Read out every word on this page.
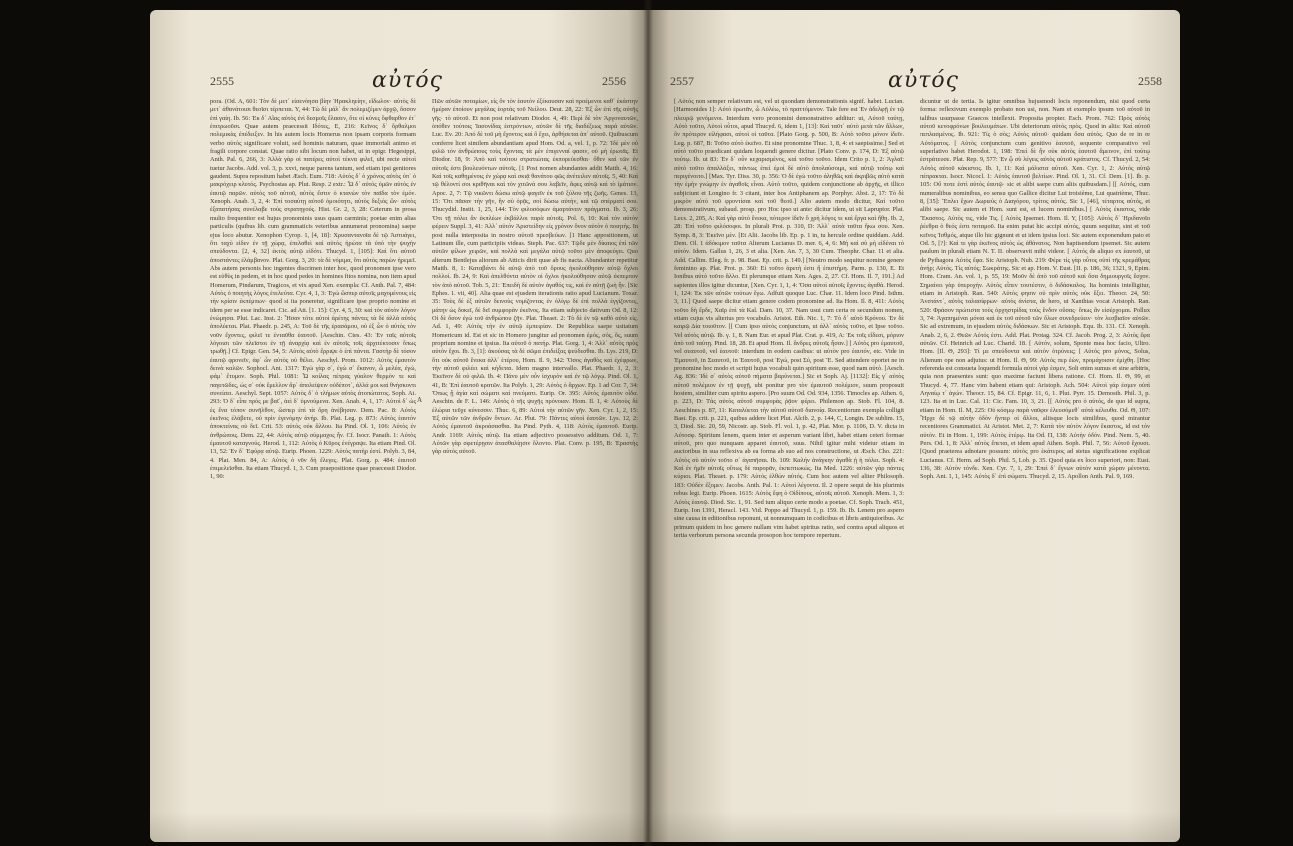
2555	αὐτός	2556

pora. (Od. A, 601: Τὸν δὲ μετ᾽ εἰσενόησα βίην Ἡρακληείην, εἴδωλον· αὐτὸς δὲ μετ᾽ ἀθανάτοισι θεοῖσι τέρπεται. Y, 44: Τὼ δὲ μάλ᾽ ἂν πολεμιζέμεν ἀρχῷ, ὅσσον ἐπὶ γαίη. Ib. 56: Ἐκ δ᾽ Αἴας αὐτὸς ἐνὶ δεσμοῖς ἔλασεν, ὅτε οἱ κύνες ὄφθαρθον ἐτ᾽ ἐπιτρωοῦσι. Quae autem praecessit Ιδότες, E, 216: Κεῖνος δ᾽ ὄρθαλμοι πολεμικὰς ἐπέδειξεν. In his autem locis Homerus non ipsam corporis formam verbo αὐτὸς significare voluit, sed hominis naturam, quae immortali animo et fragili corpore constat. Quae ratio sibi locum non habet, ut in epigr. Hegesippi, Anth. Pal. 6, 266, 3: Ἀλλὰ γὰρ οἱ πατέρες αὐτοὶ τέκνα φιλεῖ, ubi recte αὐτοὶ tuetur Jacobs. Add. vol. 3, p. xxvi, neque parens tantum, sed etiam ipsi genitores gaudent. Supra repositum habet Æsch. Eum. 718: Αὐτὸς δ᾽ ὁ χρόνος αὐτὸς ὑπ᾽ ὁ μακρόχειρ κλυτός. Psychostas ap. Plut. Resp. 2 extr.: Ὦ δ᾽ αὐτὸς ὑμῶν αὐτὸς ἐν ἑαυτῷ παρῶν. αὐτὸς τοῦ αὐτοῦ, αὐτὸς ἔστιν ὁ κτανὼν τὸν παῖδα τὸν ἐμόν. Xenoph. Anab. 3, 2, 4: Ἐπὶ τοσαύτῃ αὐτοῦ ὁμοιότητι, αὐτὸς δεξιὸς ὤν· αὐτὸς ἐξαπατήσας συνέλαβε τοὺς στρατηγούς. Hist. Gr. 2, 3, 28: Ceterum in prosa multo frequentior est hujus pronominis usus quam carminis; poetae enim alias particulis (quibus lib. cum grammaticis veteribus annumerat pronomina) saepe ejus loco abutur. Xenophon Cyrop. 1, [4, 18]: Χρυσαντανοῖα δὲ τῷ Ἀστυάγει, ὅτι ταχὺ εἰδεν ἐν τῇ χώρᾳ, ἐπελαθεὶ καὶ αὐτὸς ἠρώτα τὰ ὑπὸ τὴν ψυχὴν σπεύδοντα. [2, 4, 32] ἐκτὸς αὐτῷ εἰδότι. Thucyd. 1, [105]: Καὶ ὅτι αὐτοῦ ἀποστάντες ἐλάμβανον. Plat. Gorg. 3, 20: τὰ δὲ νόμιμα, ὅτι αὐτὸς παρὼν ἠρεμεῖ. Abs autem personis hoc ingentes discrimen inter hoc, quod pronomen ipse vero est εὐθὺς in pedem, et in hoc quod pedes in homines fitos nomina, non item apud Homerum, Pindarum, Tragicos, et vix apud Xen. exempla: Cf. Anth. Pal. 7, 484: Αὐτὸς ὁ ποιητὴς λόγος ἐτελεύτα. Cyr. 4, 1, 3: Ἐγὼ ὥσπερ αὐτοῖς μαχομένους εἰς τὴν κρίσιν ἐκπέμπων· quod si ita poneretur, significare ipse proprio nomine et idem per se esse indicaret. Cic. ad Att. [1. 15]: Cyr. 4, 5, 30: καὶ τὸν αὐτὸν λόγον ἐνώμησα. Plut. Lac. Inst. 2: Ἦσαν τότε αὐτοὶ ἀρέτης πάντες τὰ δὲ ἀλλὰ αὐτὸς ἀπολύεται. Plat. Phaedr. p. 245, A: Τοῦ δὲ τῆς ἐρασάμου, οὐ ἐξ ὧν ὁ αὐτὸς τὸν νοῦν ἔχοντες, φιλεῖ τε ἐνταῦθα ἑαυτοῦ. [Aeschin. Ctes. 43: Ἐν ταῖς αὐτοῖς λόγοισι τῶν πλεῖστοι ἐν τῇ ἀναρχίᾳ καὶ ἐν αὐτοῖς τοῖς ἀρχιτέκτοσιν ὅπως τρωθῇ.] Cf. Epigr. Gen. 54, 5: Αὐτὸς αὐτὸ ἔρριψε ὁ ἐπὶ πάντα. Γαστὴρ δὲ τόσον ἑαυτῷ φρονεῖν, ἀφ᾽ ὧν αὐτὸς οὐ θέλει. Aeschyl. Prom. 1012: Αὐτὸς ἐμαυτὸν δεινὰ καλῶν. Sophocl. Ant. 1317: Ἐγὼ γὰρ σ᾽, ἐγώ σ᾽ ἔκανον, ὦ μελέα, ἐγώ, φάμ᾽ ἔτυμον. Soph. Phil. 1081: Ὦ κοίλας πέτρας γύαλον θερμὸν τε καὶ παγετῶδες, ὡς σ᾽ οὐκ ἔμελλον ἄρ᾽ ἀπολείψειν οὐδέποτ᾽, ἀλλά μοι καὶ θνήσκοντι συνείσει. Aeschyl. Sept. 1057: Αὐτὸς δ᾽ ὁ τλήμων αὐτὸς ἀτοπώτατος. Soph. Ai. 293: Ὁ δ᾽ εἶπε πρός με βαῖ᾽, ἀεὶ δ᾽ ὑμνούμενα. Xen. Anab. 4, 1, 17: Αὐτοὶ δ᾽ ὡς ἐς ἕνα τόπον συνῆλθον, ὥσπερ ἐπὶ τὰ ὅρη ἀνέβησαν. Dem. Pac. 8: Αὐτὸς ἐκεῖνος ἐλάβετε, οὐ πρὶν ἐγενόμην ἀνήρ. Ib. Plat. Leg. p. 873: Αὐτὸς ἑαυτὸν ἀποκτείνας οὐ δεῖ. Crit. 53: αὐτὸς οὐκ ἄλλου. Ita Pind. Ol. 1, 106: Αὐτὸς ἐν ἀνθρώποις. Dem. 22, 44: Αὐτὸς αὐτῷ σύμμαχος ἦν. Cf. Isocr. Panath. 1: Αὐτὸς ἐμαυτοῦ καταγνούς. Herod. 1, 112: Αὐτὸς ὁ Κῦρος ἐνέγραψε. Ita etiam Pind. Ol. 13, 52: Ἐν δ᾽ Ἐφύρᾳ αὐτῷ. Eurip. Phoen. 1229: Αὐτὸς πατὴρ ἐστί. Polyb. 3, 84, 4. Plat. Men. 84, A: Αὐτὸς ὁ νῦν δὴ ἔλεγες. Plat. Gorg. p. 484: ἑαυτοῦ ἐπιμελεῖσθαι. Ita etiam Thucyd. 1, 3. Cum praepositione quae praecessit Diodor. 1, 90:

Πῶν αὐτῶν ποταμίων, εἰς ὃν τὸν ἑαυτὸν ἐξέκαυσαν καὶ προέμενοι καθ᾽ ἑκάστην ἡμέραν ἐποίουν μεγάλας ἑορτὰς τοῦ Νείλου. Deut. 28, 22: Ἐξ ὧν ἐπὶ τῆς αὐτῆς γῆς· τὸ αὐτοῦ. Et non post relativum Diodor. 4, 49: Περὶ δὲ τὸν Ἀργοναυτῶν, ὁπόθεν τούτοις Ἰασονίδας ἐστρόντων, αὐτῶν δὲ τῆς διαδέξεως παρά αὐτῶν. Luc. Ev. 20: Ἀπό δὲ τοῦ μὴ ἔχοντος καὶ ὃ ἔχει, ἀρθήσεται ἀπ᾽ αὐτοῦ. Quibuscum conferre licet similem abundantiam apud Hom. Od. a, vel. 1, p. 72: Ἰδὲ μὲν οὐ φιλῶ τὸν ἀνθρώπους τοὺς ἔχοντας τὰ μὲν ἐπιγενναί φασιν, οὐ μὴ ἐρωτᾶς. Et Diodor. 18, 9: Ἀπὸ καὶ τούτου στρατιώτας ἐκπορεύεσθαι· ὅθεν καὶ τῶν ἐν αὐτοῖς ἐστι βουλευόντων αὐτοῖς. [1 Post nomen abundantes addit Matth. 4, 16: Καὶ τοῖς καθημένοις ἐν χώρᾳ καὶ σκιᾷ θανάτου φῶς ἀνέτειλεν αὐτοῖς. 5, 40: Καὶ τῷ θέλοντί σοι κριθῆναι καὶ τὸν χιτῶνά σου λαβεῖν, ἄφες αὐτῷ καὶ τὸ ἱμάτιον. Apoc. 2, 7: Τῷ νικῶντι δώσω αὐτῷ φαγεῖν ἐκ τοῦ ξύλου τῆς ζωῆς. Genes. 13, 15: Ὅτι πᾶσαν τὴν γῆν, ἣν σὺ ὁρᾷς, σοὶ δώσω αὐτήν, καὶ τῷ σπέρματί σου. Thucydid. Instit. 1, 25, 144: Τὸν φιλοσόφων ἁμαρτάνειν πράγματα. Ib. 3, 26: Ὅτι τῇ πόλει ἂν ἐκπλέων ἐκβάλλοι παρὰ αὐτοῖς. Pol. 6, 10: Καὶ τὸν αὐτὸν φέρειν Suppl. 3, 41: Ἀλλ᾽ αὐτὸν Ἀριστείδην εἰς χρόνον ὄνον αὐτὸν ὁ ποιητὴς. In post nulla interposita in nostro αὐτοῦ πρεσβεύων. [1 Hanc appositionem, ut Latinum ille, cum participiis videas. Steph. Pac. 637: Τῷδε μὲν δίκαιος ἐπὶ τῶν αὐτῶν φίλων χειρῶν, καὶ πολλὰ καὶ μεγάλα αὐτῷ τοῦτο μὲν ἀποφεύγει. Quo alterum Bentlejus aliorum ab Atticis dirit quae ab fis nacta. Abundanter repetitur Matth. 8, 1: Καταβάντι δὲ αὐτῷ ἀπὸ τοῦ ὄρους ἠκολούθησαν αὐτῷ ὄχλοι πολλοί. Ib. 24, 9: Καὶ ἀπελθόντα αὐτὸν οἱ ὄχλοι ἠκολούθησαν αὐτῷ ἐκπεμπον τὸν ἀπὸ αὐτοῦ. Tob. 5, 21: Ἐπειδὴ δὲ αὐτὸν ἀγαθός τις, καὶ ἐν αὐτῇ ζωὴ ἦν. [Sic Ephes. 1. vii, 40]. Alia quae est ejusdem iterationis ratio apud Lucianum. Toxar. 35: Τοὺς δὲ ἐξ αὐτῶν δεινοὺς νομίζοντας ἐν ὀλίγῳ δὲ ἐπὶ πολλὰ ἐγγίζοντες, μάτην ὡς δοκεῖ, δὲ δεῖ συμφορὰν ἐκεῖνος. Ita etiam subjecto dativum Od. 8, 12: Οἱ δὲ ὅσον ἐγὼ τοῦ ἀνθρώπου ζῆν. Plat. Theaet. 2: Τὸ δὲ ἐν τῷ καθὸ αὐτὸ εἰς. Ad. 1, 49: Αὐτὸς τὴν ἐν αὐτῷ ἐμπειρίαν. De Republica saepe usitatum Homericum id. Est et sic in Homero jungitur ad pronomen ἐμός, σός, ὅς, suum proprium nomine et ipsius. Ita αὐτοῦ ὁ πατήρ. Plat. Gorg. 1, 4: Ἀλλ᾽ αὐτὸς πρὸς αὐτὸν ἔχοι. Ib. 3, [1]: ἀκούσας τὰ δὲ σῶμα ἐπιδείξας ψεύδεσθαι. Ib. Lys. 219, D: ὅτι οὐκ αὐτοῦ ἕνεκα ἀλλ᾽ ἑτέρου, Hom. Il. 9, 342: Ὅσος ἀγαθὸς καὶ ἐχέφρων, τὴν αὐτοῦ φιλέει καὶ κήδεται. Idem magno intervallo. Plat. Phaedr. 1, 2, 3: Ἐκεῖνον δὲ οὐ φιλῶ. Ib. 4: Πάνυ μὲν οὖν ἰσχυρὸν καὶ ἐν τῷ λόγῳ. Pind. Ol. 1, 41, B: Ἐπὶ ἑαυτοῦ κρατῶν. Ita Polyb. 1, 29: Αὐτὸς ὁ ἄρχων. Ep. 1 ad Cor. 7, 34: Ὅπως ᾖ ἁγία καὶ σώματι καὶ πνεύματι. Eurip. Or. 395: Αὐτὸς ἐμαυτὸν οἶδα. Aeschin. de F. L. 146: Αὐτὸς ὁ τῆς ψυχῆς πρόνοιαν. Hom. Il. 1, 4: Αὐτοὺς δὲ ἑλώρια τεῦχε κύνεσσιν. Thuc. 6, 89: Αὐτοὶ τὴν αὐτῶν γῆν. Xen. Cyr. 1, 2, 15: Ἐξ αὐτῶν τῶν ἀνδρῶν ὄντων. Ar. Plut. 79: Πάντες αὐτοὶ ἑαυτῶν. Lys. 12, 2: Αὐτὸς ἐμαυτοῦ ἀκροάσασθαι. Ita Pind. Pyth. 4, 118: Αὐτὸς ἐμαυτοῦ. Eurip. Andr. 1169: Αὐτὸς αὐτῷ. Ita etiam adjectivo possessivo additum. Od. 1, 7: Αὐτῶν γὰρ σφετέρῃσιν ἀτασθαλίῃσιν ὄλοντο. Plat. Conv. p. 195, B: Ἐραστὴς γὰρ αὐτὸς αὐτοῦ.

A
2557	αὐτός	2558

[ Αὐτός non semper relativum est, vel ut quondam demonstrationis signif. habet. Lucian. [Harmonides 1]: Αὐτὸ ἐρωτᾶν, ὦ Αὐλέω, τὸ πραττόμενον. Tale fere est Ἐν ἀδελφῇ ἐν τῷ πλευρῷ γενόμενοι. Interdum vero pronomini demonstrativo additur: ut, Αὐτοῦ ταύτῃ, Αὐτὸ τοῦτο, Αὐτοὶ οὗτοι, apud Thucyd. 6, idem 1, [13]: Καὶ ταῦτ᾽ αὐτὸ μετὰ τῶν ἄλλων, ὃν πρότερον εἰλήφασι, αὐτοὶ οἱ ταῦτα. [Plato Gorg. p. 500, B: Αὐτὸ τοῦτο μόνον ἰδεῖν. Leg. p. 687, B: Τοῦτο αὐτὸ ἐκεῖνο. Et sine pronomine Thuc. 1, 8, 4: et saepissime.] Sed et αὐτὸ τοῦτο praedicant quidam loquendi genere dicitur. [Plato Conv. p. 174, D: Ἐξ αὐτῷ τούτῳ. Ib. ut 83: Ἐν δ᾽ οὖν κεχαρισμένος, καὶ τοῦτο τοῦτο. Idem Crito p. 1, 2: Ἀγλαῖ: αὐτὸ τοῦτο ἀπαλλάξει, πάντως ἐπεὶ ἐμοὶ δὲ αὐτὸ ἀπολαύσοιμι, καὶ αὐτῷ τούτῳ καὶ περιγένοιτο.] [Max. Tyr. Diss. 30, p. 356: Ὁ δὲ ἐγὼ τοῦτο ἀληθῶς καὶ ἀκριβῶς αὐτὸ κατὰ τὴν ἐμὴν γνώμην ἐν ἀγαθοῖς εἶναι. Αὐτὸ τοῦτο, quidem conjunctione ab ἀρχῆς, et illico subjiciunt et Longino fr. 3 citant, inter hos Antiphanem ap. Porphyr. Abst. 2, 17: Τὸ δὲ μικρὸν αὐτὸ τοῦ φροντίσαι καὶ τοῦ θεοῦ.] Alio autem modo dicitur, Καὶ τοῦτο demonstrativum, subaud. prosp. pro Hoc ipso ut ante: dicitur idem, ut sit Lapruptor. Plat. Lecs. 2, 205, A: Καὶ γὰρ αὐτὸ ἕνεκα, πότερον ἰδεῖν ὃ χρὴ λόγος τε καὶ ἔργα καὶ ἤθη. Ib. 2, 28: Ἐπὶ τοῦτο φιλόσοφοι. In plurali Prot. p. 310, D: Ἀλλ᾽ αὐτὰ ταῦτα ἥκω σου. Xen. Symp. 8, 3: Ἐκεῖνο μὲν. [Et Alii. Jacobs lib. Ep. p. 1 in, tu hercule ordine quiddam. Add. Dem. Ol. 1 ἀδόκιμον ταῦτα Alterum Lucianus D. mer. 6, 4, 6: Μὴ καὶ σὺ μὴ εἰδέναι τὸ αὐτόν. Idem. Gallus 1, 26, 3 et alia. [Xen. An. 7, 3, 30 Cum. Theophr. Char. 11 et alia. Add. Callim. Eleg. fr. p. 98. Bast. Ep. crit. p. 149.] [Neutro modo sequitur nomine genere feminino ap. Plat. Prot. p. 360: Εἰ τοῦτο ἀρετὴ ἐστι ἢ ἐπιστήμη. Parm. p. 130, E. Et Ionibus αὐτὸ τοῦτο ἄλλο. Et plerumque etiam Xen. Ages. 2, 27. Cf. Hom. Il. 7, 191.] Ad sapientes illos igitur dicuntur, [Xen. Cyr. 1, 1, 4: Ὅσα αὐτοὶ αὐτοῖς ἔχοντες ἀγαθά. Herod. 1, 124: Ἐκ τῶν αὐτῶν τούτων ἔγω. Adfuit quoque Luc. Char. 11. Idem loco Pind. Isthm. 3, 11.] Quod saepe dicitur etiam genere codem pronomine ad. Ita Hom. Il. 8, 411: Αὐτὸς τοῦτο δὴ ἔρδε, Χαῖρ ἐπὶ τὰ Kal. Dam. 10, 37. Nam usui cum certa re secundum nomen, etiam cujus vis alterius pro vocabulo. Aristot. Eth. Nic. 1, 7: Τὸ δ᾽ αὐτὸ Κρόνου. Ἐν δὲ καιρῷ Δία τοιοῦτον. [[ Cum ipso αὐτὸς conjunctum, ut ἀλλ᾽ αὐτὸς τοῦτο, et Ipse τοῦτο. Vel αὐτὸς αὐτῷ. Ib. γ. 1, 8. Nam Eur. et apud Plat. Crat. p. 419, A: Ἐκ τοῖς εἴδεσι, μόριον ἀπὸ τοῦ ταύτῃ. Pind. 18, 28. Et apud Hom. Il. ἄνδρες αὐτοῖς ἦσαν.] [ Αὐτὸς pro ἐμαυτοῦ, vel σεαυτοῦ, vel ἑαυτοῦ: interdum in eodem casibus: ut αὐτὸν pro ἑαυτόν, etc. Vide in Ἐμαυτοῦ, in Σεαυτοῦ, in Ἑαυτοῦ, post Ἐγώ, post Σύ, post Ἕ. Sed attendere oportet ne in pronomine hoc modo et scripti hujus vocabuli quin spiritum esse, quod nam αὐτὸ. [Aesch. Ag. 836: Ἰδὲ σ᾽ αὐτὸς αὐτοῦ πήματα βαρύνεται.] Sic et Soph. Aj. [1132]: Εἰς γ᾽ αὐτὸς αὐτοῦ πολέμιον ἐν τῇ ψυχῇ, ubi ponitur pro τὸν ἐμαυτοῦ πολέμιον, suum proposuit hostem, similiter cum spiritu asperο. [Pro suum Od. Od. 934, 1356. Timocles ap. Athen. 6, p. 223, D: Τὰς αὐτὸς αὐτοῦ συμφορὰς ῥᾷον φέρει. Philemon ap. Stob. Fl. 104, 8. Aeschines p. 87, 11: Καταλύεται τὴν αὐτοῦ αὐτοῦ διανοίᾳ. Recentiorum exempla colligit Bast. Ep. crit. p. 221, quibus addere licet Plut. Alcib. 2, p. 144, C, Longin. De sublim. 15, 3, Diod. Sic. 20, 59, Nicostr. ap. Stob. Fl. vol. 1, p. 42, Plat. Mor. p. 1106, D. V. dicta in Αὐτοσφ. Spiritum lenem, quem inter et asperum variant libri, habet etiam ceteri formae αὐτοῦ, pro quo nunquam apparet ἑαυτοῦ, suus. Nihil igitur mihi videtur etiam in auctoribus in sua reflexiva ab ea forma ab suo ad nos constructione, ut Æsch. Cho. 221: Αὐτὸς σὺ αὐτὸν τοῦτο σ᾽ ἀγαπῆσαι. Ib. 109: Καλὴν ἀνάγκην ἀγαθὰ ᾐ ἡ πόλει. Soph. 4: Καὶ ἐν ἡμῖν αὐτοῖς οὕτως δὲ παρορᾶν, ἐκπεπτωκώς. Ita Med. 1226: αὐτῶν γὰρ πάντες κύριοι. Plat. Theaet. p. 179: Αὐτὸς ἐλθὼν αὐτός. Cum hoc autem vel aliter Philosoph. 183: Οὐδὲν ἕξομεν. Jacobs. Anth. Pal. 1: Αὐτοὶ λέγοντα. Il. 2 opere sequi de his plurimis rebus legi. Eurip. Phoen. 1615: Αὐτὸς ἔφη ὁ Οἰδίπους, αὐτοῖς αὐτοῦ. Xenoph. Mem. 1, 3: Αὐτὸς ἑαυτῷ. Diod. Sic. 1, 91. Sed tum aliquo certe modo a poetae. Cf. Soph. Trach. 451, Eurip. Ion 1391, Heracl. 143. Vid. Poppo ad Thucyd. 1, p. 159. Ib. Ib. Lenem pro aspero sine causa in editionibus reponunt, ut nonnumquam in codicibus et libris antiquioribus. Ac primum quidem in hoc genere nullam vim habet spiritus ratio, sed contra apud aliquos et tertia verborum persona secunda prosopon hoc tempore repertum.

dicuntur ut de tertia. Is igitur omnibus hujusmodi locis reponendum, nisi quod certa forma: reflexivum exemplo probato non usi, non. Nam et exemplo ipsum τοῦ αὐτοῦ in talibus usurpasse Graecos intellexit. Proposita propter. Esch. Prom. 762: Πρὸς αὐτὸς αὐτοῦ κενοφρόνων βουλευμάτων. Ubi deteriorum αὐτὸς πρὸς. Quod in aliis: Καὶ αὐτοῦ πεπλασμένος. Ib. 921: Τίς ὁ σὸς; Αὐτὸς αὐτοῦ· quidam ὅσα αὐτὸς. Quo de re in re Αὐτόματος. [ Αὐτὸς conjunctum cum genitivo ἑαυτοῦ, sequente comparativo vel superlativo habet Herodot. 1, 198: Ἐπεὶ δὲ ἦν οὐκ αὐτὸς ἑαυτοῦ ἄμεινον, ἐπὶ τούτῳ ἐστράτευσε. Plat. Rep. 9, 577: Ἐν ᾧ σὺ λέγεις αὐτὸς αὐτοῦ κράτιστος. Cf. Thucyd. 2, 54: Αὐτὸς αὐτοῦ κάκιστος. Ib. 1, 11: Καὶ μάλιστα αὐτοῦ. Xen. Cyr. 1, 2: Αὐτὸς αὐτῷ πέπρακται. Isocr. Nicocl. 1: Αὐτὸς ἑαυτοῦ βελτίων. Pind. Ol. 1, 31. Cf. Dem. [1]. Ib. p. 105: Οὔ ποτε ἐστὶ αὐτὸς ἑαυτῷ· sic et alibi saepe cum aliis quibusdam.] [[ Αὐτός, cum numeralibus nominibus, eo sensu quo Gallice dicitur Lui troisième, Lui quatrième, Thuc. 8, [35]: Ἔπλει ἔχων Δωριεὺς ὁ Διαγόρου, τρίτος αὐτός. Sic 1, [46], τέταρτος αὐτός, et alibi saepe. Sic autem et Hom. sunt est, et lucem nominibus.] [ Αὐτὸς ἑκαστος, vide Ἕκαστος. Αὐτὸς τις, vide Τις. [ Αὐτὸς Ipsemet. Hom. Il. Y, [105]: Αὐτὸς δ᾽ Ἠριδανοῖο ῥέεθρα ὁ θεός ἐστι ποταμοῦ. Ita enim putat hic accipi αὐτός, quum sequitur, sint et τοῦ κεῖνος Ἰσθμός, atque illo hic gignunt et ut idem ipsius loci. Sic autem exponendum pato et Od. 5, [?]: Καὶ τε γὰρ ἐκεῖνος αὐτὸς ὡς ἀθάνατος. Non haptisendum ipsemet. Sic autem paulum in plurali etiam N. T. II. observavit mihi videor. [ Αὐτός de aliquo ex ἑαυτοῦ, ut de Pythagora Αὐτὸς ἔφα. Sic Aristoph. Nub. 219: Φέρε τίς γὰρ οὗτος οὐπὶ τῆς κρεμάθρας ἀνήρ; Αὐτός. Τίς αὐτός; Σωκράτης. Sic et ap. Hom. V. Eust. [II. p. 186, 36; 1321, 9, Epim. Hom. Cram. An. vol. 1, p. 55, 19: Μοῦν δὲ ἀπὸ τοῦ αὐτοῦ καὶ ὅσα δημιουργοῖς ἔσχον. Σημαίνει γὰρ ὑπεροχήν. Αὐτὸς εἶπεν τουτέστιν, ὁ διδάσκαλος. Ita hominis intelligitur, etiam in Aristoph. Ran. 540: Αὐτὸς φησιν οὐ πρὶν αὐτὸς οὐκ ἔξει. Theocr. 24, 50: Ἀνστάντ᾽, αὐτὸς ταλασίφρων· αὐτὸς ἀνίστα, de hero, ut Xanthias vocat Aristoph. Ran. 520: Φράσον πρώτιστα τοὺς ὀρχηστρίδας τοὺς ἔνδον οὔσας· ὅπως ἂν εἰσέρχομαι. Pollux 3, 74: Ἀγαπημέναι μόναι καὶ ἐκ τοῦ αὐτοῦ τῶν ὅλων συνεδρεύειν· τὸν λεσβιαῖον αὐτῶν. Sic ad extremum, in ejusdem αὐτὸς διδάσκων. Sic et Aristoph. Equ. Ib. 131. Cf. Xenoph. Anab. 2, 6, 2. Θεῶν Αὐτός ἐστι. Add. Plat. Protag. 324. Cf. Jacob. Prog. 2, 3: Αὐτὸς ἔφα αὐτῶν. Cf. Heinrich ad Luc. Charid. 18. [ Αὐτόν, solum, Sponte mea hoc facio, Ultro. Hom. [Il. Θ, 293]: Τί με σπεύδοντα καὶ αὐτὸν ὀτρύνεις; [ Αὐτός pro μόνος, Solus, Alienum ope non adjutus: ut Hom. Il. Θ, 99: Αὐτός περ ἐὼν, προμάχοισιν ἐμίχθη. [Hoc referenda est consueta loquendi formula αὐτοὶ γάρ ἐσμεν, Soli enim sumus et sine arbitris, quia non praesentes sunt: quo maxime faciunt libera ratione. Cf. Hom. Il. Θ, 99, et Thucyd. 4, 77. Hanc vim habent etiam qui: Aristoph. Ach. 504: Αὐτοὶ γάρ ἐσμεν οὐπὶ Ληναίῳ τ᾽ ἀγών. Theocr. 15, 84. Cf. Epigr. 11, 6, 1. Plut. Pyrr. 15. Demosth. Phil. 3, p. 123. Ita et in Luc. Cal. 11: Cic. Fam. 10, 3, 21. [[ Αὐτός pro ὁ αὐτός, de quo id supra, etiam in Hom. Il. M, 225: Οὐ κόσμῳ παρὰ ναῦφιν ἐλευσόμεθ᾽ αὐτὰ κέλευθα. Od. Θ, 107: Ἦρχε δὲ τῷ αὐτὴν ὁδὸν ἥνπερ οἱ ἄλλοι, aliisque locis similibus, quod mirantur recentiores Grammatici. At Aristot. Met. 2, 7: Κατὰ τὸν αὐτὸν λόγον ἕκαστος, id est τὸν αὐτόν. Et in Hom. 1, 199: Αὐτὸς ἑτέρῳ. Ita Od. Π, 138: Αὐτὴν ὁδόν. Pind. Nem. 5, 40. Pers. Od. 1, 8: Ἀλλ᾽ αὐτὸς ἔπεται, et idem apud Athen. Soph. Phil. 7, 56: Αὐτοῦ ἔχουσι. [Quod praeterea adnotare possum: αὐτὸς pro ἑκάτερος ad stetus significatione explicat Lucianus. Cf. Herm. ad Soph. Phil. 5, Lob. p. 35. Quod quia ex loco superiori, non: Eust. 136, 38: Αὐτὸν τόνδε. Xen. Cyr. 7, 1, 29: Ἐπεὶ δ᾽ ἔγνων αὐτὸν κατὰ χώραν μένοντα. Soph. Ant. 1, 1, 145: Αὐτὸς δ᾽ ἐπὶ σώματι. Thucyd. 2, 15. Apollon Anth. Pal. 9, 169.
